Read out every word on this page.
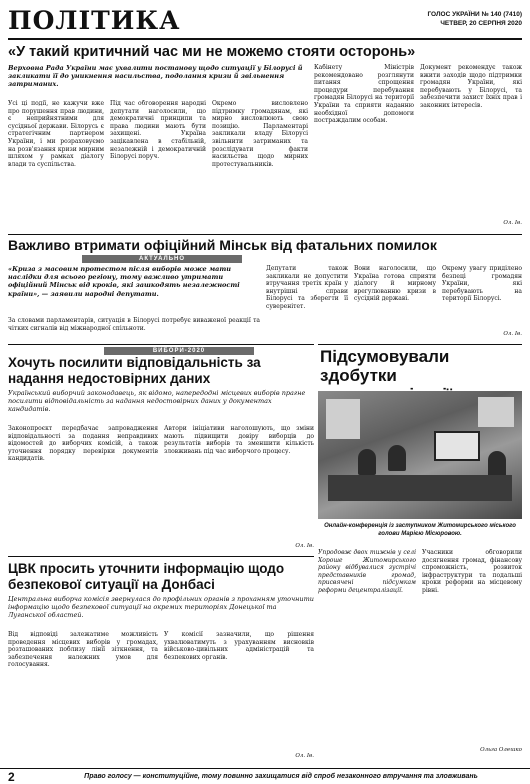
ПОЛІТИКА	ГОЛОС УКРАЇНИ № 140 (7410)
ЧЕТВЕР, 20 СЕРПНЯ 2020
«У такий критичний час ми не можемо стояти осторонь»
Верховна Рада України має ухвалити постанову щодо ситуації у Білорусі й закликати її до уникнення насильства, подолання кризи й звільнення затриманих.
Усі ці події, не кажучи вже про порушення прав людини, є неприйнятними для сусідньої держави. Білорусь є стратегічним партнером України, і ми розраховуємо на розв'язання кризи мирним шляхом у рамках діалогу влади та суспільства.
Під час обговорення народні депутати наголосили, що демократичні принципи та права людини мають бути захищені. Україна зацікавлена в стабільній, незалежній і демократичній Білорусі поруч.
Окремо висловлено підтримку громадянам, які мирно висловлюють свою позицію. Парламентарі закликали владу Білорусі звільнити затриманих та розслідувати факти насильства щодо мирних протестувальників.
Кабінету Міністрів рекомендовано розглянути питання спрощення процедури перебування громадян Білорусі на території України та сприяти наданню необхідної допомоги постраждалим особам.
Документ рекомендує також вжити заходів щодо підтримки громадян України, які перебувають у Білорусі, та забезпечити захист їхніх прав і законних інтересів.
Ол. Ів.
Важливо втримати офіційний Мінськ від фатальних помилок
АКТУАЛЬНО
«Криза з масовим протестом після виборів може мати наслідки для всього регіону, тому важливо утримати офіційний Мінськ від кроків, які зашкодять незалежності країни», — заявили народні депутати.
За словами парламентарів, ситуація в Білорусі потребує виваженої реакції та чітких сигналів від міжнародної спільноти.
Депутати також закликали не допустити втручання третіх країн у внутрішні справи Білорусі та зберегти її суверенітет.
Вони наголосили, що Україна готова сприяти діалогу й мирному врегулюванню кризи в сусідній державі.
Окрему увагу приділено безпеці громадян України, які перебувають на території Білорусі.
Ол. Ів.
ВИБОРИ-2020
Хочуть посилити відповідальність за надання недостовірних даних
Український виборчий законодавець, як відомо, напередодні місцевих виборів прагне посилити відповідальність за надання недостовірних даних у документах кандидатів.
Законопроєкт передбачає запровадження відповідальності за подання неправдивих відомостей до виборчих комісій, а також уточнення порядку перевірки документів кандидатів.
Автори ініціативи наголошують, що зміни мають підвищити довіру виборців до результатів виборів та зменшити кількість зловживань під час виборчого процесу.
Ол. Ів.
ЦВК просить уточнити інформацію щодо безпекової ситуації на Донбасі
Центральна виборча комісія звернулася до профільних органів з проханням уточнити інформацію щодо безпекової ситуації на окремих територіях Донецької та Луганської областей.
Від відповіді залежатиме можливість проведення місцевих виборів у громадах, розташованих поблизу лінії зіткнення, та забезпечення належних умов для голосування.
У комісії зазначили, що рішення ухвалюватимуть з урахуванням висновків військово-цивільних адміністрацій та безпекових органів.
Ол. Ів.
Підсумовували здобутки
Онлайн-конференція із заступником Житомирського міського голови Марією Місюровою.
Упродовж двох тижнів у селі Хороше Житомирського району відбувалися зустрічі представників громад, присвячені підсумкам реформи децентралізації.
Учасники обговорили досягнення громад, фінансову спроможність, розвиток інфраструктури та подальші кроки реформи на місцевому рівні.
Ольга Олешко
2	Право голосу — конституційне, тому повинно захищатися від спроб незаконного втручання та зловживань
